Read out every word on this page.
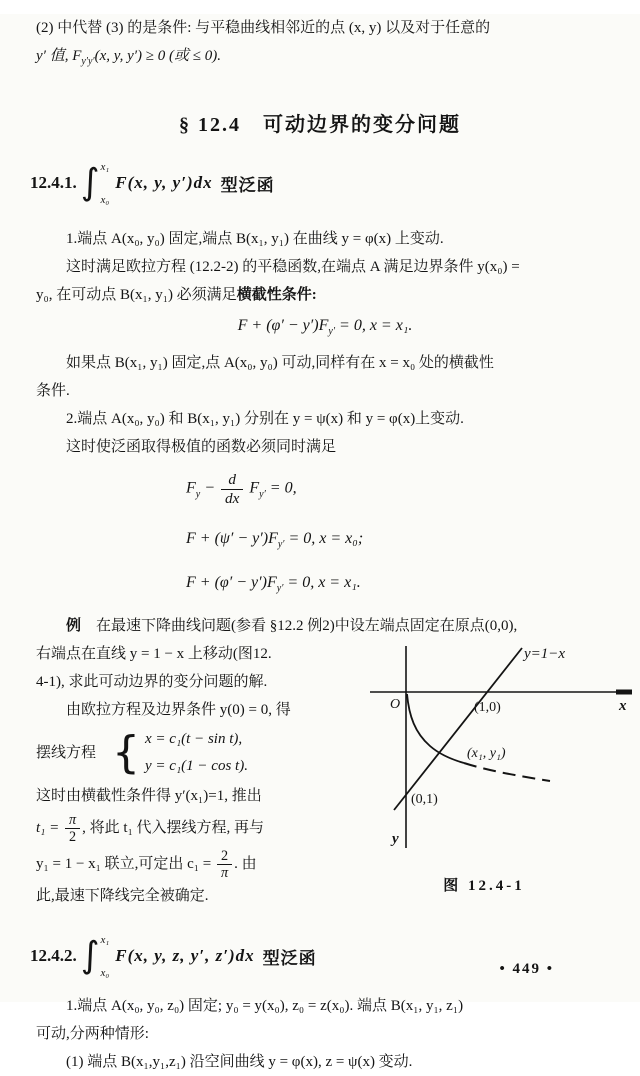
(2) 中代替 (3) 的是条件: 与平稳曲线相邻近的点 (x, y) 以及对于任意的

y′ 值, $F_{y'y'}(x$, y, y′) ≥ 0 (或 ≤ 0).

§ 12.4　可动边界的变分问题
12.4.1. ∫ x₁
x₀
F(x, y, y′)dx 型泛函

1.端点 A(x₀, y₀) 固定,端点 B(x₁, y₁) 在曲线 y = φ(x) 上变动.

这时满足欧拉方程 (12.2-2) 的平稳函数,在端点 A 满足边界条件 y(x₀) =

y₀, 在可动点 B(x₁, y₁) 必须满足横截性条件:

$F + (\varphi' - y')F_{y'} = 0$, x = x₁.

如果点 B(x₁, y₁) 固定,点 A(x₀, y₀) 可动,同样有在 x = x₀ 处的横截性

条件.

2.端点 A(x₀, y₀) 和 B(x₁, y₁) 分别在 y = ψ(x) 和 y = φ(x)上变动.

这时使泛函取得极值的函数必须同时满足

$F_y - \frac{d}{dx} F_{y'} = 0$,
$F + (\psi' - y')F_{y'} = 0$, x = x₀;
$F + (\varphi' - y')F_{y'} = 0$, x = x₁.

例　 在最速下降曲线问题(参看 §12.2 例2)中设左端点固定在原点(0,0),

右端点在直线 y = 1 − x 上移动(图12.

4-1), 求此可动边界的变分问题的解.

由欧拉方程及边界条件 y(0) = 0, 得

摆线方程 { x = c₁(t − sin t),
y = c₁(1 − cos t).

这时由横截性条件得 y′(x₁)=1, 推出

$t_1 = \frac{\pi}{2}$ , 将此 t₁ 代入摆线方程, 再与

y₁ = 1 − x₁ 联立,可定出 $c_1 = \frac{2}{\pi}$ . 由

此,最速下降线完全被确定.

y=1−x
x
O	(1,0)
(x₁, y₁)
(0,1)
y
图 12.4-1
12.4.2. ∫ x₁
x₀
F(x, y, z, y′, z′)dx 型泛函

1.端点 A(x₀, y₀, z₀) 固定; y₀ = y(x₀), z₀ = z(x₀). 端点 B(x₁, y₁, z₁)

可动,分两种情形:

(1) 端点 B(x₁,y₁,z₁) 沿空间曲线 y = φ(x), z = ψ(x) 变动.

• 449 •
